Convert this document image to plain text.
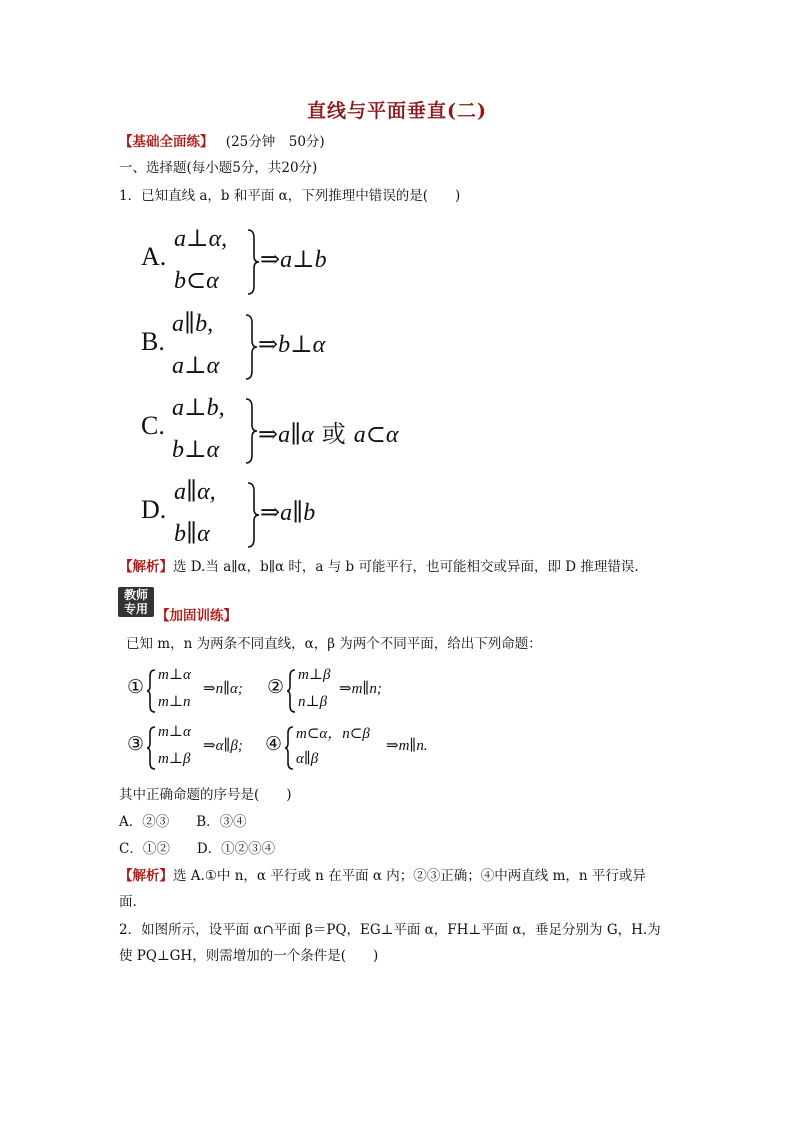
直线与平面垂直(二)
【基础全面练】 (25分钟　50分)
一、选择题(每小题5分，共20分)
1．已知直线 a，b 和平面 α，下列推理中错误的是(　　)
A.
a⊥α,
b⊂α
⇒a⊥b
B.
a∥b,
a⊥α
⇒b⊥α
C.
a⊥b,
b⊥α
⇒a∥α 或 a⊂α
D.
a∥α,
b∥α
⇒a∥b
【解析】选 D.当 a∥α，b∥α 时，a 与 b 可能平行，也可能相交或异面，即 D 推理错误.
教师
专用 【加固训练】
已知 m，n 为两条不同直线，α，β 为两个不同平面，给出下列命题：
①
m⊥α
m⊥n
⇒n∥α; ②
m⊥β
n⊥β
⇒m∥n;
③
m⊥α
m⊥β
⇒α∥β; ④ m⊂α，n⊂β
α∥β
⇒m∥n.
其中正确命题的序号是(　　)
A．②③　　B．③④
C．①②　　D．①②③④
【解析】选 A.①中 n，α 平行或 n 在平面 α 内；②③正确；④中两直线 m，n 平行或异
面.
2．如图所示，设平面 α∩平面 β＝PQ，EG⊥平面 α，FH⊥平面 α，垂足分别为 G，H.为
使 PQ⊥GH，则需增加的一个条件是(　　)
